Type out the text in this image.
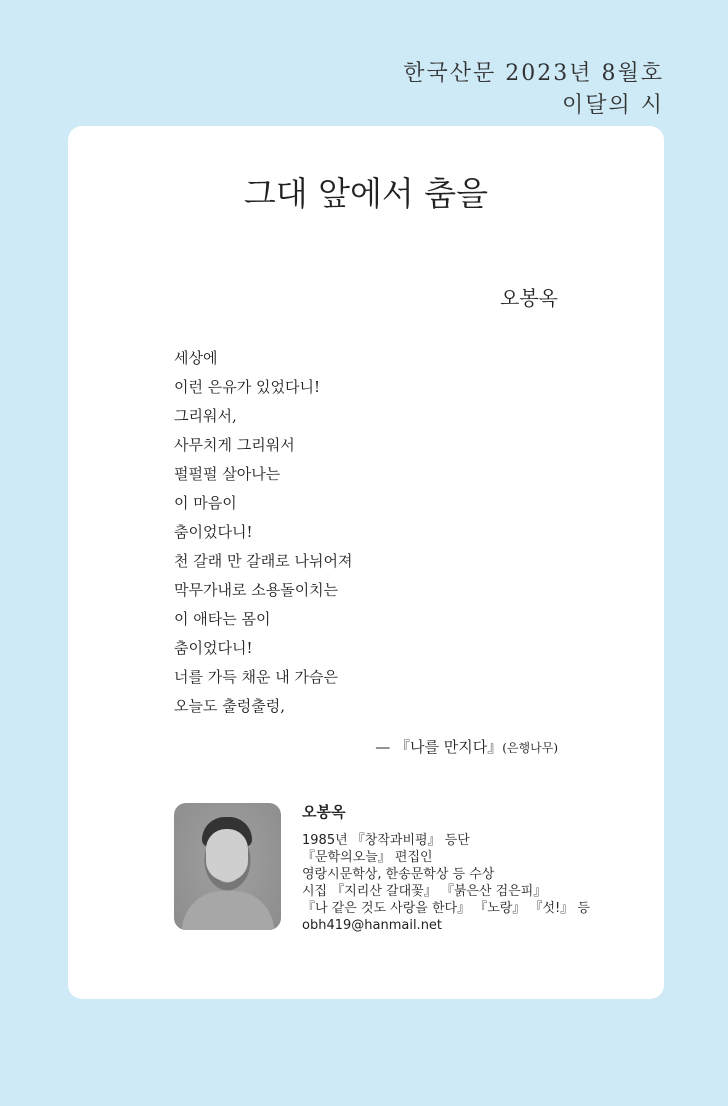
한국산문 2023년 8월호
이달의 시
그대 앞에서 춤을
오봉옥
세상에
이런 은유가 있었다니!
그리워서,
사무치게 그리워서
펄펄펄 살아나는
이 마음이
춤이었다니!
천 갈래 만 갈래로 나뉘어져
막무가내로 소용돌이치는
이 애타는 몸이
춤이었다니!
너를 가득 채운 내 가슴은
오늘도 출렁출렁,
— 『나를 만지다』(은행나무)
오봉옥
1985년 『창작과비평』 등단
『문학의오늘』 편집인
영랑시문학상, 한송문학상 등 수상
시집 『지리산 갈대꽃』 『붉은산 검은피』
『나 같은 것도 사랑을 한다』 『노랑』 『섯!』 등
obh419@hanmail.net
